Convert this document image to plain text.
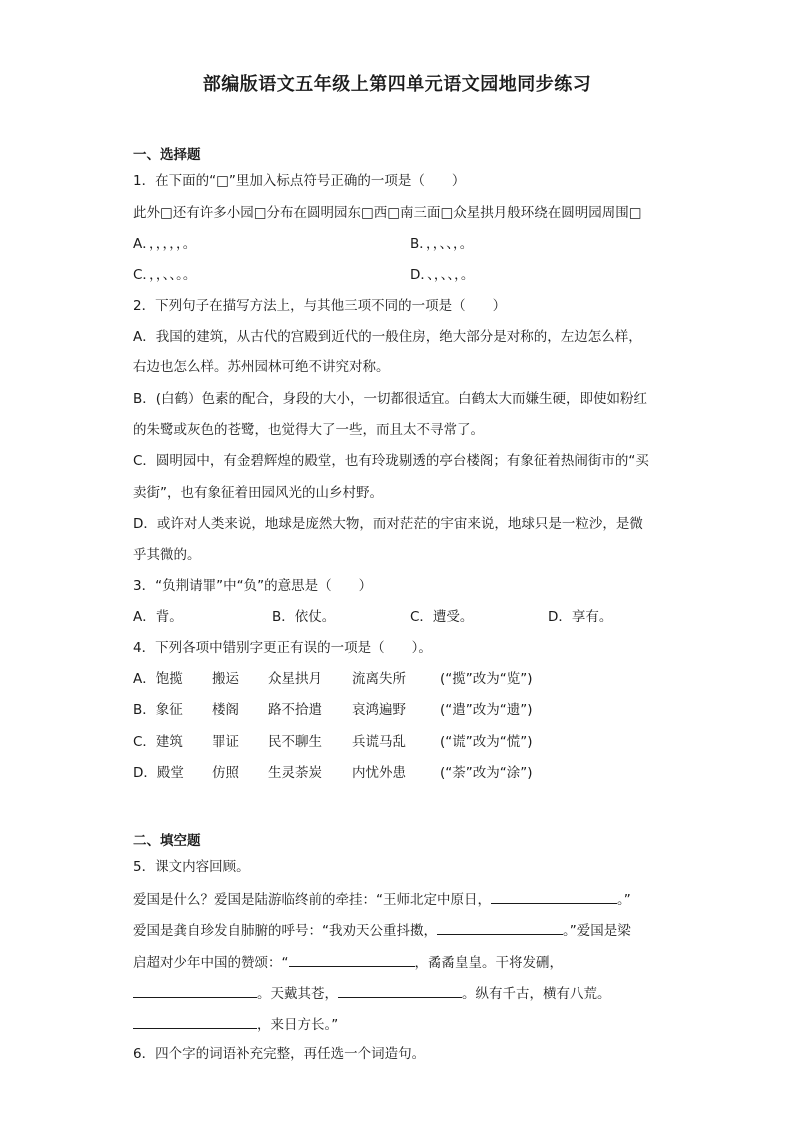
部编版语文五年级上第四单元语文园地同步练习
一、选择题
1．在下面的“□”里加入标点符号正确的一项是（　　）
此外□还有许多小园□分布在圆明园东□西□南三面□众星拱月般环绕在圆明园周围□
A．，，，，，。	B．，，、、，。
C．，，、、。。	D．、，、、，。
2．下列句子在描写方法上，与其他三项不同的一项是（　　）
A．我国的建筑，从古代的宫殿到近代的一般住房，绝大部分是对称的，左边怎么样，
右边也怎么样。苏州园林可绝不讲究对称。
B．(白鹤）色素的配合，身段的大小，一切都很适宜。白鹤太大而嫌生硬，即使如粉红
的朱鹭或灰色的苍鹭，也觉得大了一些，而且太不寻常了。
C．圆明园中，有金碧辉煌的殿堂，也有玲珑剔透的亭台楼阁；有象征着热闹街市的“买
卖街”，也有象征着田园风光的山乡村野。
D．或许对人类来说，地球是庞然大物，而对茫茫的宇宙来说，地球只是一粒沙，是微
乎其微的。
3．“负荆请罪”中“负”的意思是（　　）
A．背。	B．依仗。	C．遭受。	D．享有。
4．下列各项中错别字更正有误的一项是（　　）。
A．饱揽 搬运 众星拱月 流离失所	(“揽”改为“览”)
B．象征 楼阁 路不拾遣 哀鸿遍野	(“遣”改为“遗”)
C．建筑 罪证 民不聊生 兵谎马乱	(“谎”改为“慌”)
D．殿堂 仿照 生灵荼炭 内忧外患	(“荼”改为“涂”)
二、填空题
5．课文内容回顾。
爱国是什么？爱国是陆游临终前的牵挂：“王师北定中原日，	。”
爱国是龚自珍发自肺腑的呼号：“我劝天公重抖擞，	。”爱国是梁
启超对少年中国的赞颂：“	，矞矞皇皇。干将发硎，
。天戴其苍，	。纵有千古，横有八荒。
，来日方长。”
6．四个字的词语补充完整，再任选一个词造句。
